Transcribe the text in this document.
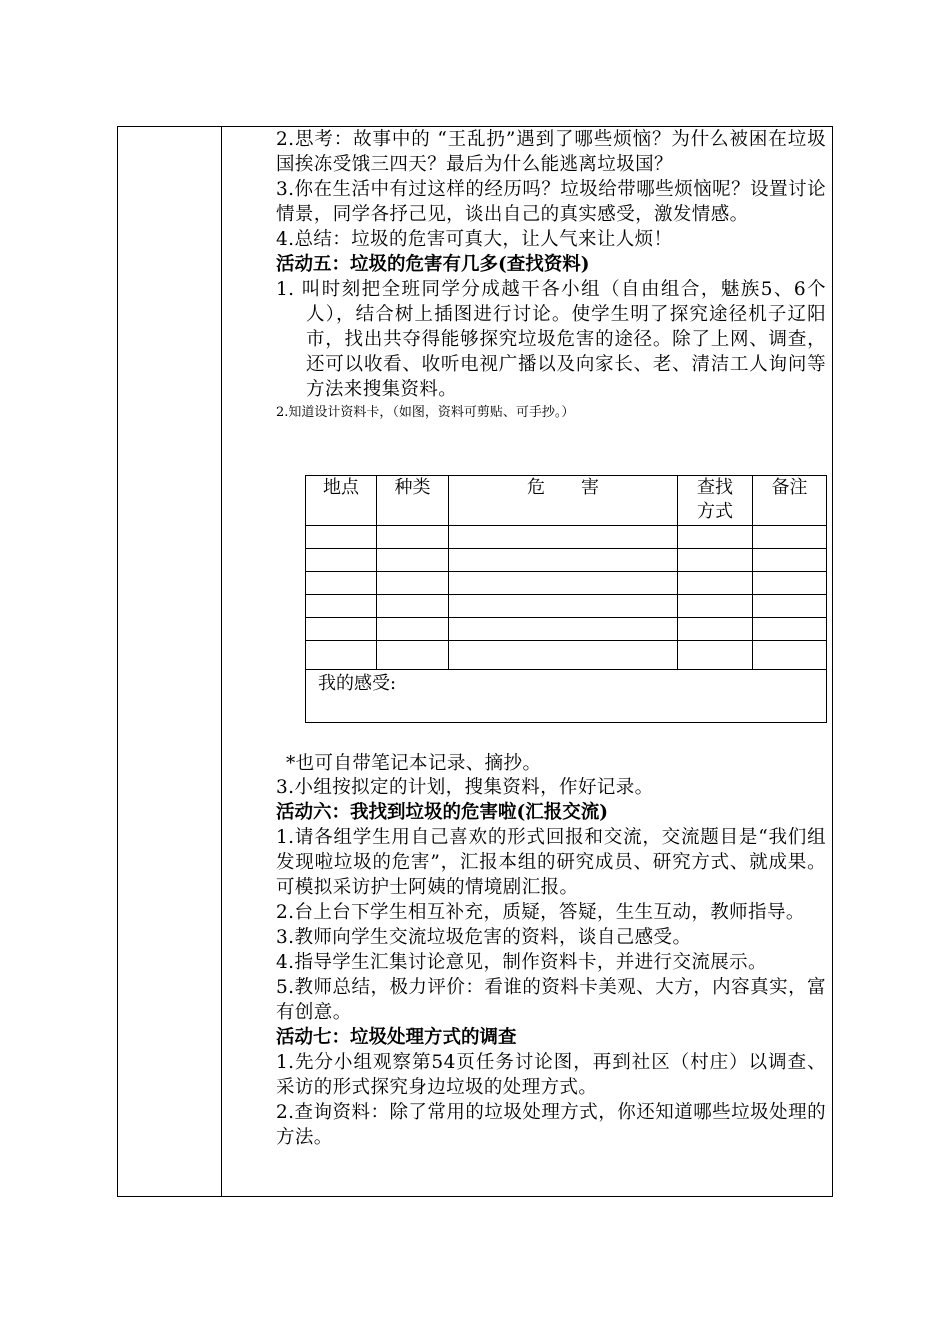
2.思考：故事中的 “王乱扔”遇到了哪些烦恼？为什么被困在垃圾国挨冻受饿三四天？最后为什么能逃离垃圾国？

3.你在生活中有过这样的经历吗？垃圾给带哪些烦恼呢？设置讨论情景，同学各抒己见，谈出自己的真实感受，激发情感。

4.总结：垃圾的危害可真大，让人气来让人烦！

活动五：垃圾的危害有几多(查找资料)

1. 叫时刻把全班同学分成越干各小组（自由组合，魅族5、6个人），结合树上插图进行讨论。使学生明了探究途径机子辽阳市，找出共夺得能够探究垃圾危害的途径。除了上网、调查，还可以收看、收听电视广播以及向家长、老、清洁工人询问等方法来搜集资料。

2.知道设计资料卡，（如图，资料可剪贴、可手抄。）

地点	种类	危　　害	查找方式	备注

我的感受:				

*也可自带笔记本记录、摘抄。

3.小组按拟定的计划，搜集资料，作好记录。

活动六：我找到垃圾的危害啦(汇报交流)

1.请各组学生用自己喜欢的形式回报和交流，交流题目是“我们组发现啦垃圾的危害”，汇报本组的研究成员、研究方式、就成果。可模拟采访护士阿姨的情境剧汇报。

2.台上台下学生相互补充，质疑，答疑，生生互动，教师指导。

3.教师向学生交流垃圾危害的资料，谈自己感受。

4.指导学生汇集讨论意见，制作资料卡，并进行交流展示。

5.教师总结，极力评价：看谁的资料卡美观、大方，内容真实，富有创意。

活动七：垃圾处理方式的调查

1.先分小组观察第54页任务讨论图，再到社区（村庄）以调查、采访的形式探究身边垃圾的处理方式。

2.查询资料：除了常用的垃圾处理方式，你还知道哪些垃圾处理的方法。
